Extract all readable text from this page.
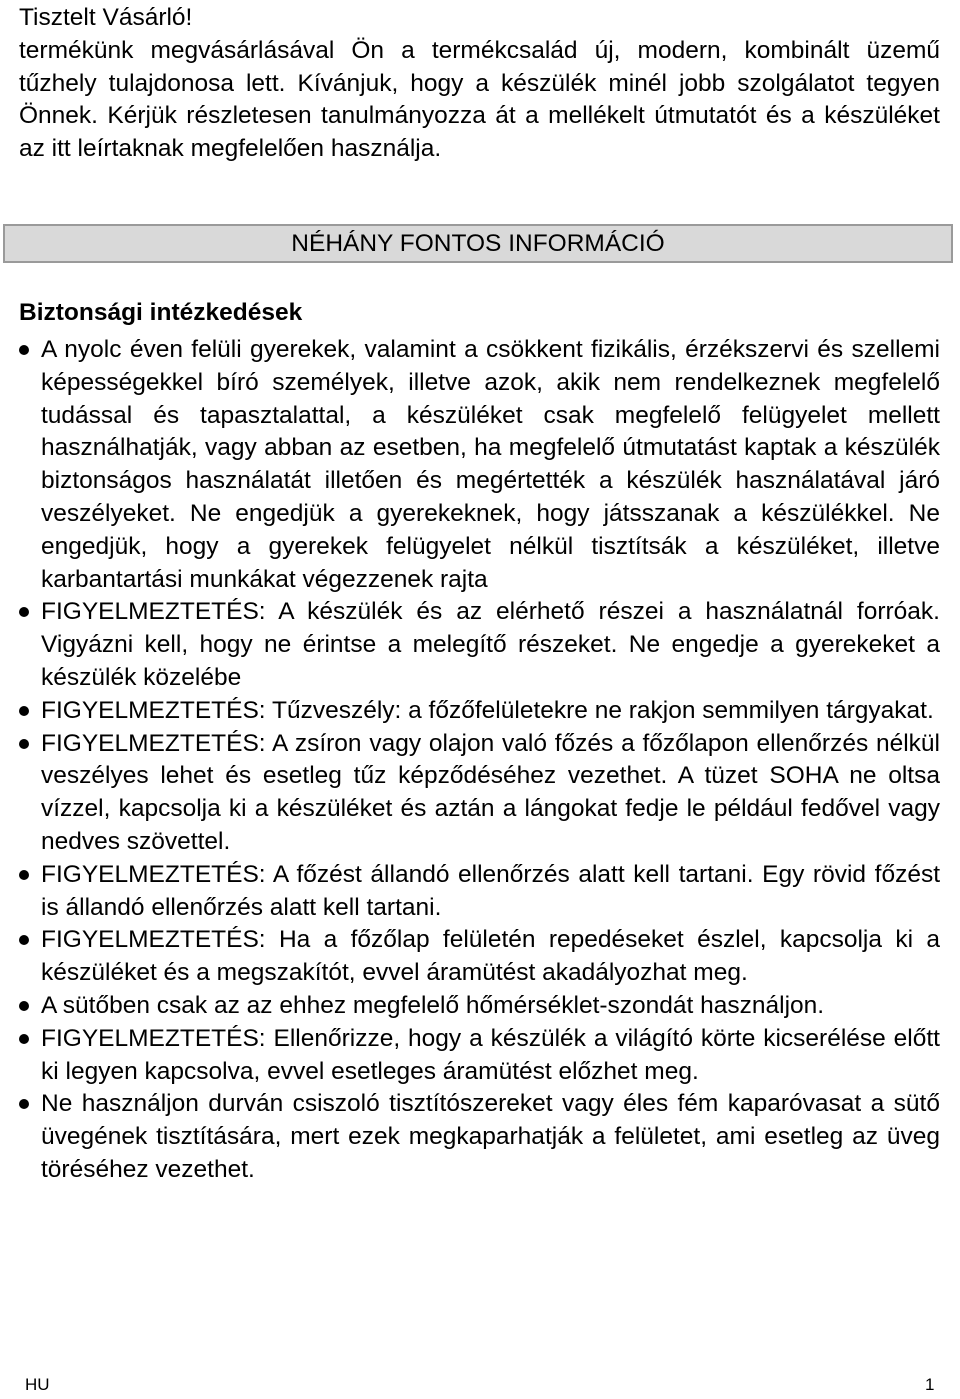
Tisztelt Vásárló!
termékünk megvásárlásával Ön a termékcsalád új, modern, kombinált üzemű tűzhely tulajdonosa lett. Kívánjuk, hogy a készülék minél jobb szolgálatot tegyen Önnek. Kérjük részletesen tanulmányozza át a mellékelt útmutatót és a készüléket az itt leírtaknak megfelelően használja.
NÉHÁNY FONTOS INFORMÁCIÓ
Biztonsági intézkedések
A nyolc éven felüli gyerekek, valamint a csökkent fizikális, érzékszervi és szellemi képességekkel bíró személyek, illetve azok, akik nem rendelkeznek megfelelő tudással és tapasztalattal, a készüléket csak megfelelő felügyelet mellett használhatják, vagy abban az esetben, ha megfelelő útmutatást kaptak a készülék biztonságos használatát illetően és megértették a készülék használatával járó veszélyeket. Ne engedjük a gyerekeknek, hogy játsszanak a készülékkel. Ne engedjük, hogy a gyerekek felügyelet nélkül tisztítsák a készüléket, illetve karbantartási munkákat végezzenek rajta
FIGYELMEZTETÉS: A készülék és az elérhető részei a használatnál forróak. Vigyázni kell, hogy ne érintse a melegítő részeket. Ne engedje a gyerekeket a készülék közelébe
FIGYELMEZTETÉS: Tűzveszély: a főzőfelületekre ne rakjon semmilyen tárgyakat.
FIGYELMEZTETÉS: A zsíron vagy olajon való főzés a főzőlapon ellenőrzés nélkül veszélyes lehet és esetleg tűz képződéséhez vezethet. A tüzet SOHA ne oltsa vízzel, kapcsolja ki a készüléket és aztán a lángokat fedje le például fedővel vagy nedves szövettel.
FIGYELMEZTETÉS: A főzést állandó ellenőrzés alatt kell tartani. Egy rövid főzést is állandó ellenőrzés alatt kell tartani.
FIGYELMEZTETÉS: Ha a főzőlap felületén repedéseket észlel, kapcsolja ki a készüléket és a megszakítót, evvel áramütést akadályozhat meg.
A sütőben csak az az ehhez megfelelő hőmérséklet-szondát használjon.
FIGYELMEZTETÉS: Ellenőrizze, hogy a készülék a világító körte kicserélése előtt ki legyen kapcsolva, evvel esetleges áramütést előzhet meg.
Ne használjon durván csiszoló tisztítószereket vagy éles fém kaparóvasat a sütő üvegének tisztítására, mert ezek megkaparhatják a felületet, ami esetleg az üveg töréséhez vezethet.
HU	1
